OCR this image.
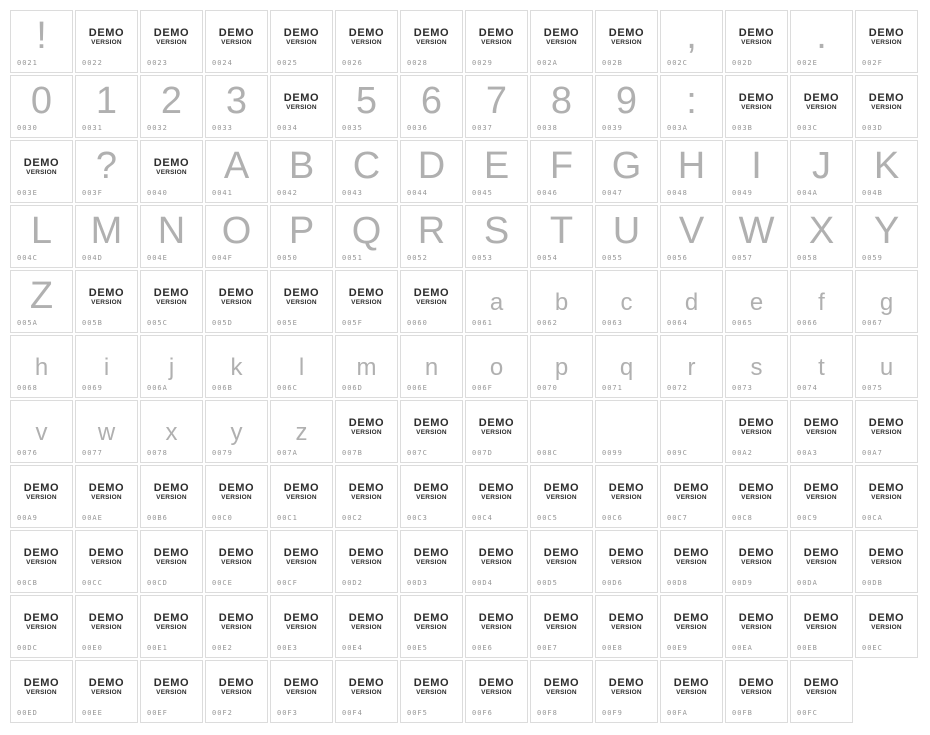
!
0021
DEMO
VERSION
0022
DEMO
VERSION
0023
DEMO
VERSION
0024
DEMO
VERSION
0025
DEMO
VERSION
0026
DEMO
VERSION
0028
DEMO
VERSION
0029
DEMO
VERSION
002A
DEMO
VERSION
002B
,
002C
DEMO
VERSION
002D
.
002E
DEMO
VERSION
002F
0
0030
1
0031
2
0032
3
0033
DEMO
VERSION
0034
5
0035
6
0036
7
0037
8
0038
9
0039
:
003A
DEMO
VERSION
003B
DEMO
VERSION
003C
DEMO
VERSION
003D
DEMO
VERSION
003E
?
003F
DEMO
VERSION
0040
A
0041
B
0042
C
0043
D
0044
E
0045
F
0046
G
0047
H
0048
I
0049
J
004A
K
004B
L
004C
M
004D
N
004E
O
004F
P
0050
Q
0051
R
0052
S
0053
T
0054
U
0055
V
0056
W
0057
X
0058
Y
0059
Z
005A
DEMO
VERSION
005B
DEMO
VERSION
005C
DEMO
VERSION
005D
DEMO
VERSION
005E
DEMO
VERSION
005F
DEMO
VERSION
0060
a
0061
b
0062
c
0063
d
0064
e
0065
f
0066
g
0067
h
0068
i
0069
j
006A
k
006B
l
006C
m
006D
n
006E
o
006F
p
0070
q
0071
r
0072
s
0073
t
0074
u
0075
v
0076
w
0077
x
0078
y
0079
z
007A
DEMO
VERSION
007B
DEMO
VERSION
007C
DEMO
VERSION
007D	008C	0099	009C
DEMO
VERSION
00A2
DEMO
VERSION
00A3
DEMO
VERSION
00A7
DEMO
VERSION
00A9
DEMO
VERSION
00AE
DEMO
VERSION
00B6
DEMO
VERSION
00C0
DEMO
VERSION
00C1
DEMO
VERSION
00C2
DEMO
VERSION
00C3
DEMO
VERSION
00C4
DEMO
VERSION
00C5
DEMO
VERSION
00C6
DEMO
VERSION
00C7
DEMO
VERSION
00C8
DEMO
VERSION
00C9
DEMO
VERSION
00CA
DEMO
VERSION
00CB
DEMO
VERSION
00CC
DEMO
VERSION
00CD
DEMO
VERSION
00CE
DEMO
VERSION
00CF
DEMO
VERSION
00D2
DEMO
VERSION
00D3
DEMO
VERSION
00D4
DEMO
VERSION
00D5
DEMO
VERSION
00D6
DEMO
VERSION
00D8
DEMO
VERSION
00D9
DEMO
VERSION
00DA
DEMO
VERSION
00DB
DEMO
VERSION
00DC
DEMO
VERSION
00E0
DEMO
VERSION
00E1
DEMO
VERSION
00E2
DEMO
VERSION
00E3
DEMO
VERSION
00E4
DEMO
VERSION
00E5
DEMO
VERSION
00E6
DEMO
VERSION
00E7
DEMO
VERSION
00E8
DEMO
VERSION
00E9
DEMO
VERSION
00EA
DEMO
VERSION
00EB
DEMO
VERSION
00EC
DEMO
VERSION
00ED
DEMO
VERSION
00EE
DEMO
VERSION
00EF
DEMO
VERSION
00F2
DEMO
VERSION
00F3
DEMO
VERSION
00F4
DEMO
VERSION
00F5
DEMO
VERSION
00F6
DEMO
VERSION
00F8
DEMO
VERSION
00F9
DEMO
VERSION
00FA
DEMO
VERSION
00FB
DEMO
VERSION
00FC
